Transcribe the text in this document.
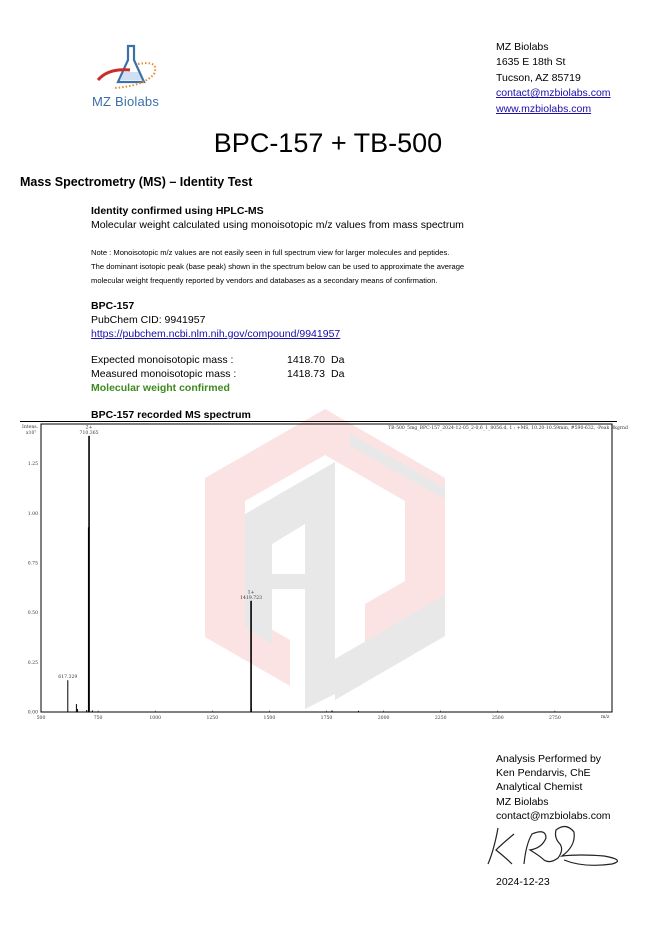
MZ Biolabs
MZ Biolabs
1635 E 18th St
Tucson, AZ 85719
contact@mzbiolabs.com
www.mzbiolabs.com
BPC-157 + TB-500
Mass Spectrometry (MS) – Identity Test
Identity confirmed using HPLC-MS
Molecular weight calculated using monoisotopic m/z values from mass spectrum
Note : Monoisotopic m/z values are not easily seen in full spectrum view for larger molecules and peptides.
The dominant isotopic peak (base peak) shown in the spectrum below can be used to approximate the average
molecular weight frequently reported by vendors and databases as a secondary means of confirmation.
BPC-157
PubChem CID: 9941957
https://pubchem.ncbi.nlm.nih.gov/compound/9941957
Expected monoisotopic mass :	1418.70 Da
Measured monoisotopic mass :	1418.73 Da
Molecular weight confirmed
BPC-157 recorded MS spectrum
Intens.
x10⁷
TB-500_5mg_BPC-157_2024-12-05_2-0,6_1_8056.d, 1 : +MS, 10.20-10.59min, #590-632, -Peak Bkgrnd
m/z
0.00
0.25
0.50
0.75
1.00
1.25
500	750	1000	1250	1500	1750	2000	2250	2500	2750
617.329
710.365
2+
1419.723
1+
Analysis Performed by
Ken Pendarvis, ChE
Analytical Chemist
MZ Biolabs
contact@mzbiolabs.com
2024-12-23
